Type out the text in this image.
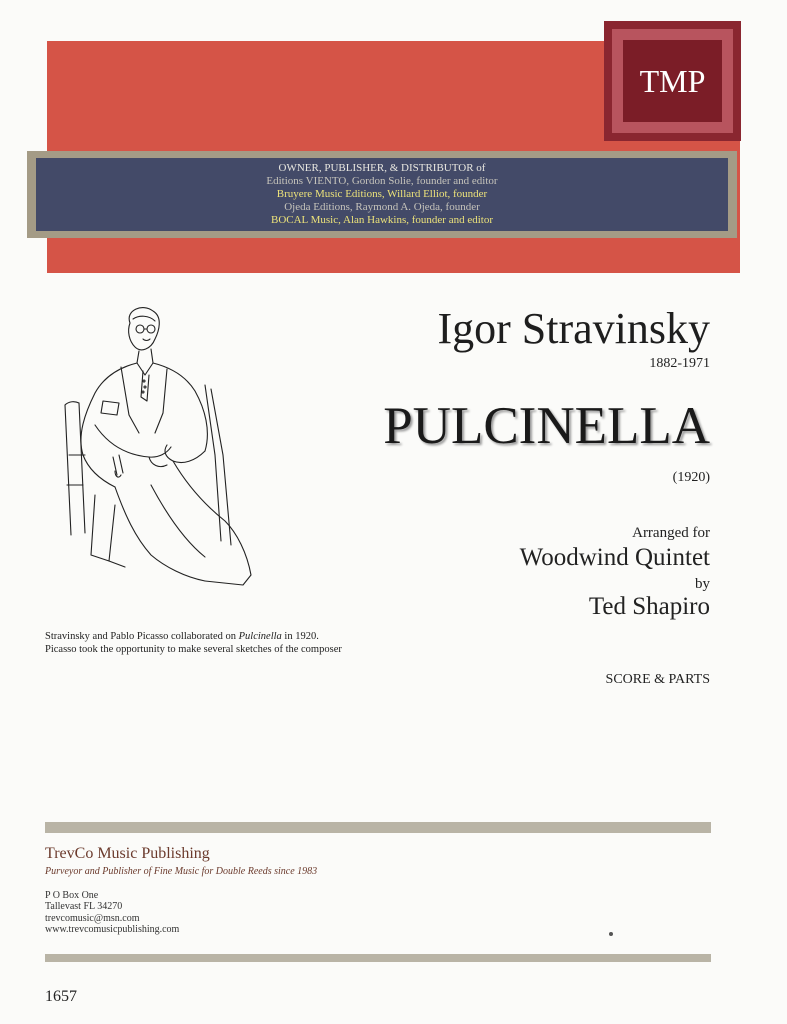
OWNER, PUBLISHER, & DISTRIBUTOR of
Editions VIENTO, Gordon Solie, founder and editor
Bruyere Music Editions, Willard Elliot, founder
Ojeda Editions, Raymond A. Ojeda, founder
BOCAL Music, Alan Hawkins, founder and editor
TMP
Igor Stravinsky
1882-1971
PULCINELLA
(1920)
Arranged for
Woodwind Quintet
by
Ted Shapiro
SCORE & PARTS
Stravinsky and Pablo Picasso collaborated on Pulcinella in 1920.
Picasso took the opportunity to make several sketches of the composer
TrevCo Music Publishing
Purveyor and Publisher of Fine Music for Double Reeds since 1983
P O Box One
Tallevast FL 34270
trevcomusic@msn.com
www.trevcomusicpublishing.com
1657
